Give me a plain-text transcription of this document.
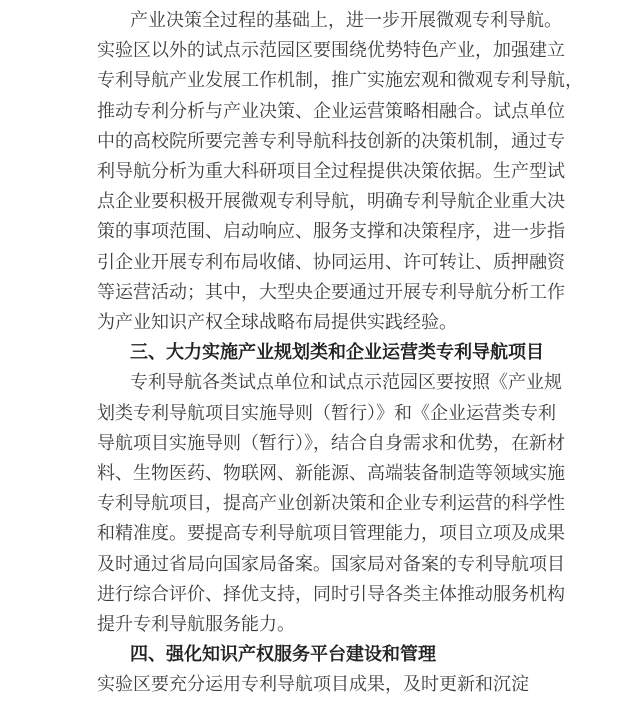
产业决策全过程的基础上，进一步开展微观专利导航。
实验区以外的试点示范园区要围绕优势特色产业，加强建立
专利导航产业发展工作机制，推广实施宏观和微观专利导航，
推动专利分析与产业决策、企业运营策略相融合。试点单位
中的高校院所要完善专利导航科技创新的决策机制，通过专
利导航分析为重大科研项目全过程提供决策依据。生产型试
点企业要积极开展微观专利导航，明确专利导航企业重大决
策的事项范围、启动响应、服务支撑和决策程序，进一步指
引企业开展专利布局收储、协同运用、许可转让、质押融资
等运营活动；其中，大型央企要通过开展专利导航分析工作
为产业知识产权全球战略布局提供实践经验。
三、大力实施产业规划类和企业运营类专利导航项目
专利导航各类试点单位和试点示范园区要按照《产业规
划类专利导航项目实施导则（暂行）》和《企业运营类专利
导航项目实施导则（暂行）》，结合自身需求和优势，在新材
料、生物医药、物联网、新能源、高端装备制造等领域实施
专利导航项目，提高产业创新决策和企业专利运营的科学性
和精准度。要提高专利导航项目管理能力，项目立项及成果
及时通过省局向国家局备案。国家局对备案的专利导航项目
进行综合评价、择优支持，同时引导各类主体推动服务机构
提升专利导航服务能力。
四、强化知识产权服务平台建设和管理
实验区要充分运用专利导航项目成果，及时更新和沉淀
